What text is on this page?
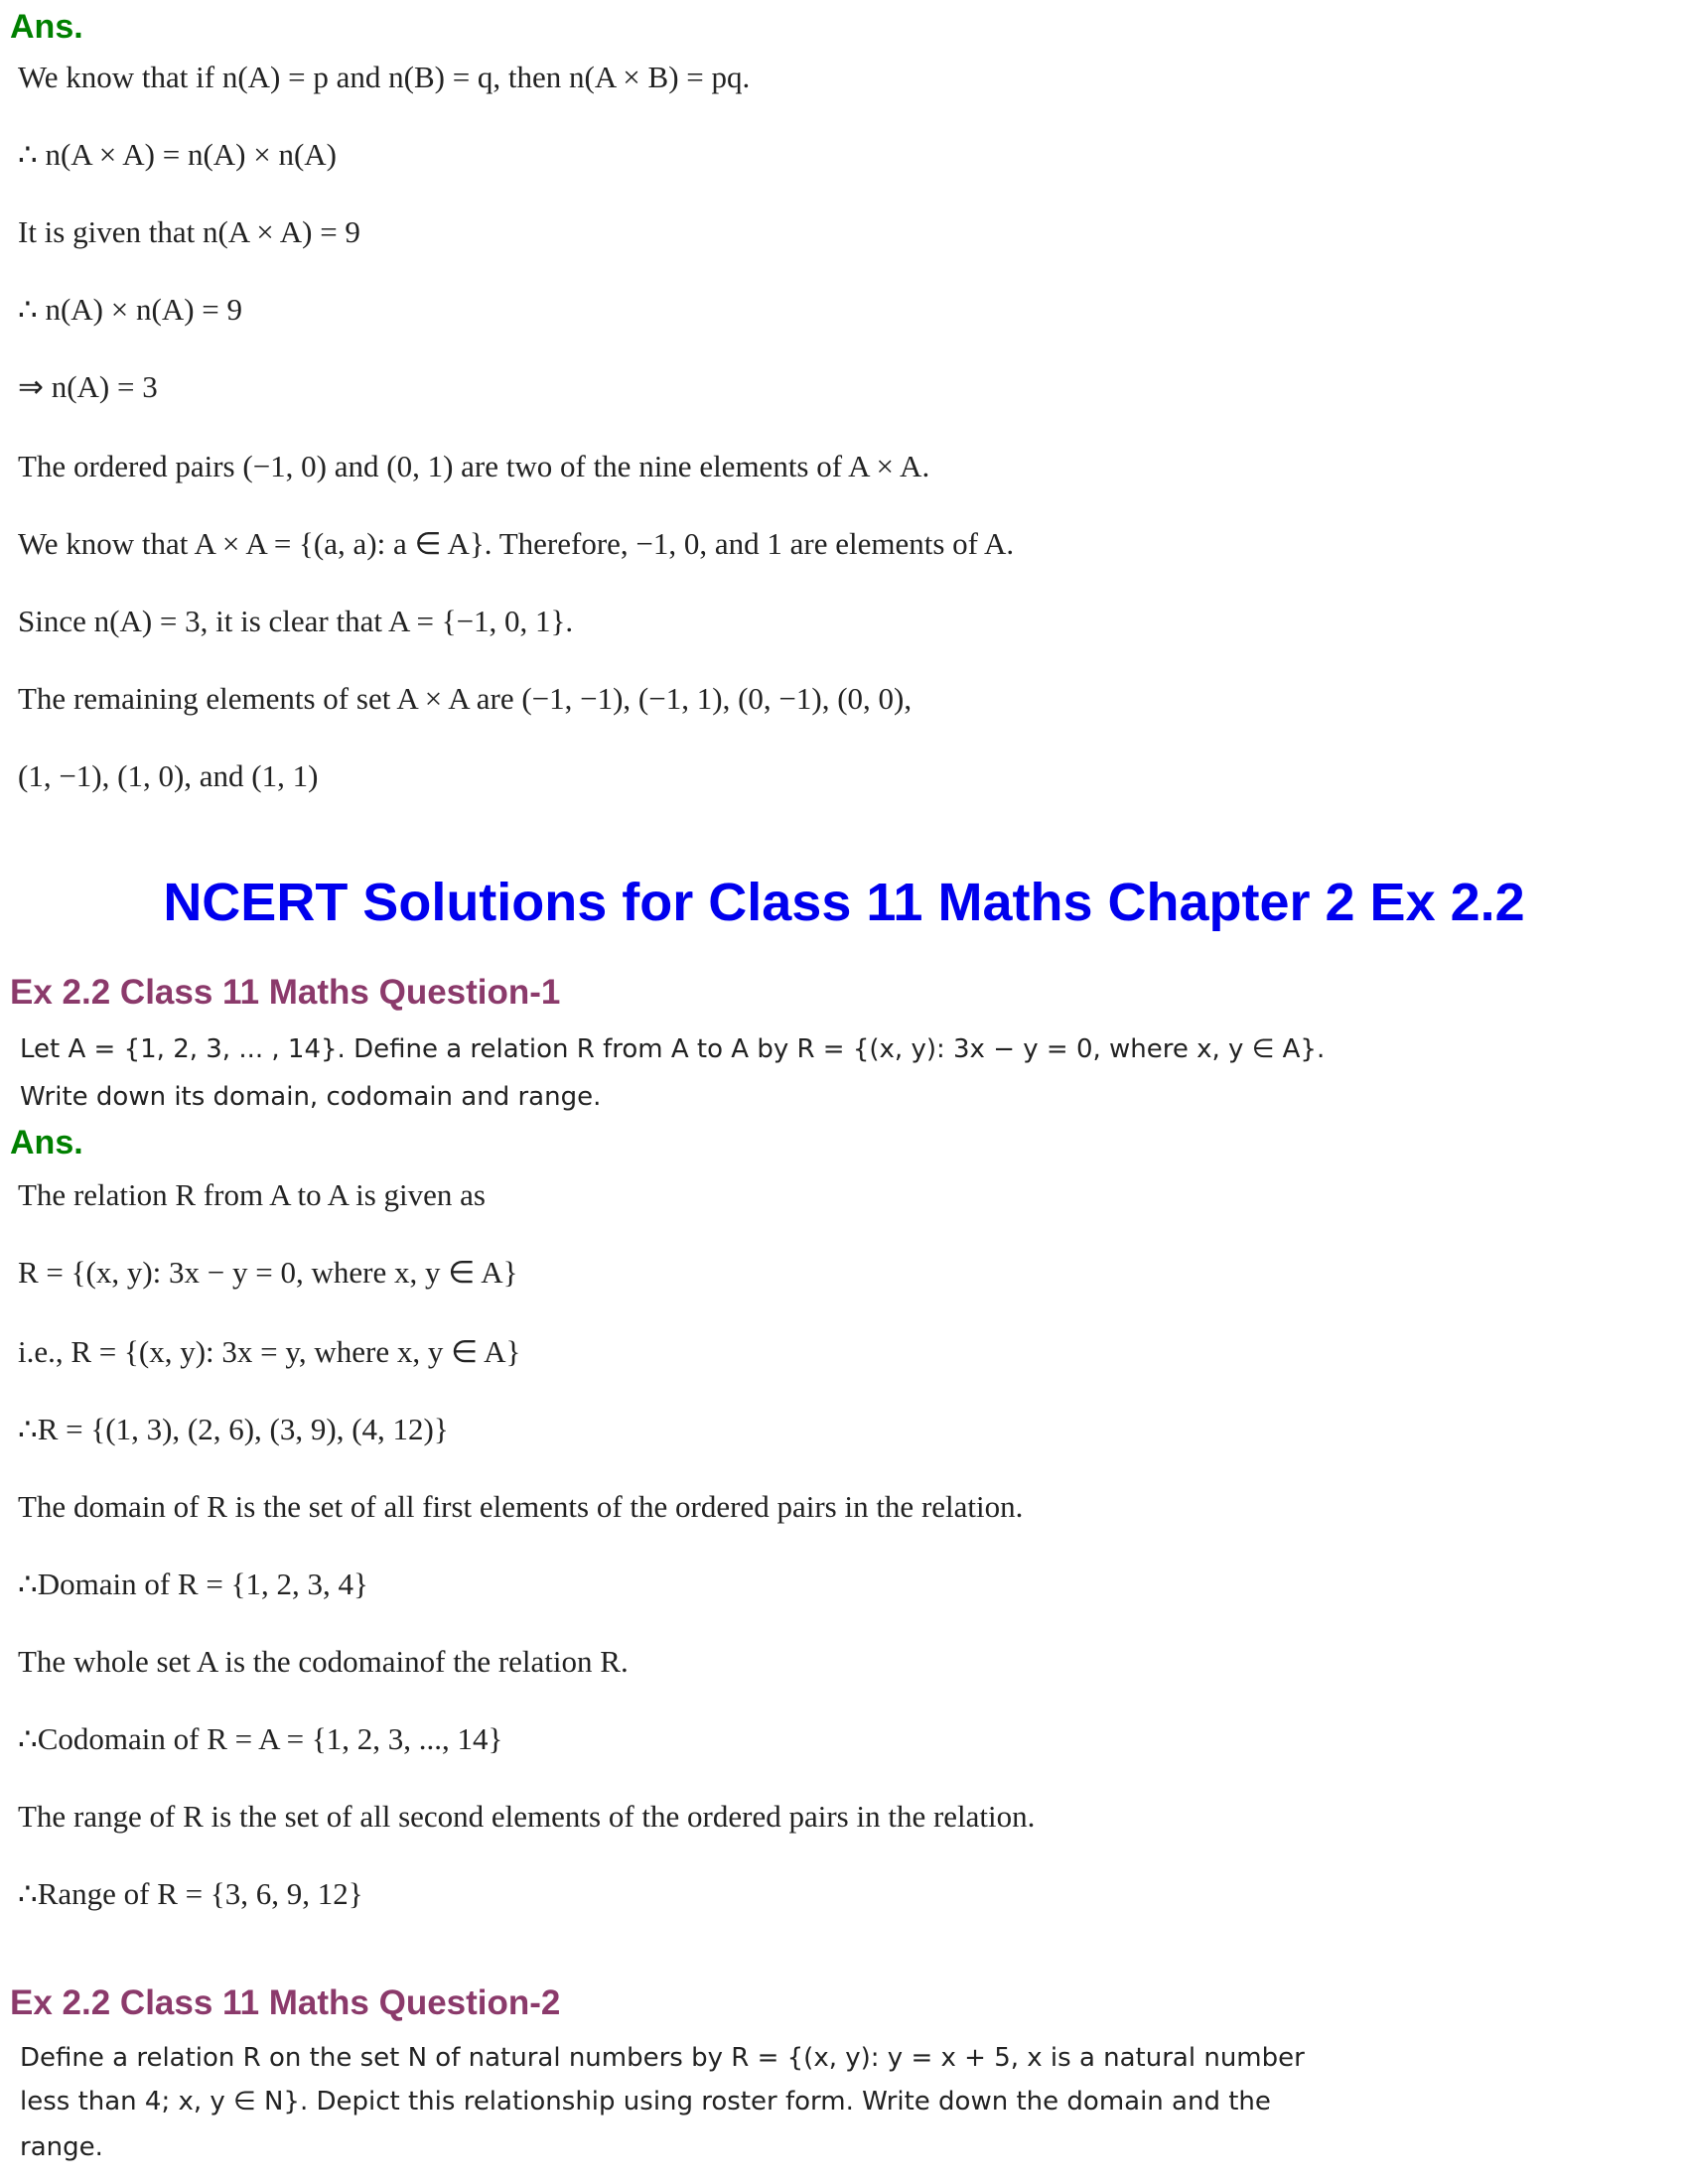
Ans.
We know that if n(A) = p and n(B) = q, then n(A × B) = pq.
∴ n(A × A) = n(A) × n(A)
It is given that n(A × A) = 9
∴ n(A) × n(A) = 9
⇒ n(A) = 3
The ordered pairs (−1, 0) and (0, 1) are two of the nine elements of A × A.
We know that A × A = {(a, a): a ∈ A}. Therefore, −1, 0, and 1 are elements of A.
Since n(A) = 3, it is clear that A = {−1, 0, 1}.
The remaining elements of set A × A are (−1, −1), (−1, 1), (0, −1), (0, 0),
(1, −1), (1, 0), and (1, 1)
NCERT Solutions for Class 11 Maths Chapter 2 Ex 2.2
Ex 2.2 Class 11 Maths Question-1
Let A = {1, 2, 3, ... , 14}. Define a relation R from A to A by R = {(x, y): 3x − y = 0, where x, y ∈ A}.
Write down its domain, codomain and range.
Ans.
The relation R from A to A is given as
R = {(x, y): 3x − y = 0, where x, y ∈ A}
i.e., R = {(x, y): 3x = y, where x, y ∈ A}
∴R = {(1, 3), (2, 6), (3, 9), (4, 12)}
The domain of R is the set of all first elements of the ordered pairs in the relation.
∴Domain of R = {1, 2, 3, 4}
The whole set A is the codomainof the relation R.
∴Codomain of R = A = {1, 2, 3, ..., 14}
The range of R is the set of all second elements of the ordered pairs in the relation.
∴Range of R = {3, 6, 9, 12}
Ex 2.2 Class 11 Maths Question-2
Define a relation R on the set N of natural numbers by R = {(x, y): y = x + 5, x is a natural number
less than 4; x, y ∈ N}. Depict this relationship using roster form. Write down the domain and the
range.
